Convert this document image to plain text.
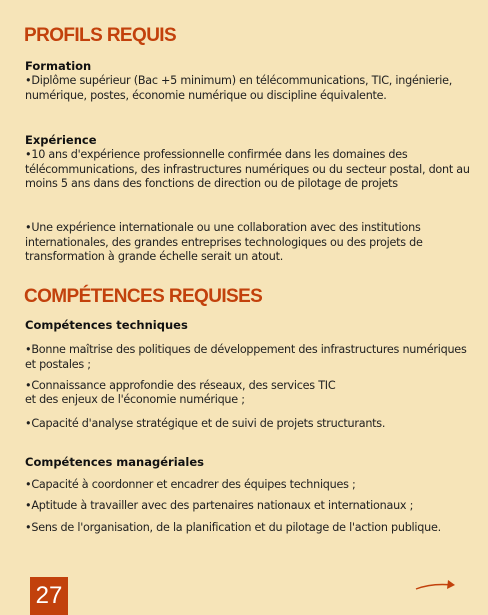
PROFILS REQUIS

Formation

•Diplôme supérieur (Bac +5 minimum) en télécommunications, TIC, ingénierie, numérique, postes, économie numérique ou discipline équivalente.

Expérience

•10 ans d'expérience professionnelle confirmée dans les domaines des télécommunications, des infrastructures numériques ou du secteur postal, dont au moins 5 ans dans des fonctions de direction ou de pilotage de projets

•Une expérience internationale ou une collaboration avec des institutions internationales, des grandes entreprises technologiques ou des projets de transformation à grande échelle serait un atout.

COMPÉTENCES REQUISES

Compétences techniques

•Bonne maîtrise des politiques de développement des infrastructures numériques et postales ;

•Connaissance approfondie des réseaux, des services TIC

et des enjeux de l'économie numérique ;

•Capacité d'analyse stratégique et de suivi de projets structurants.

Compétences managériales

•Capacité à coordonner et encadrer des équipes techniques ;

•Aptitude à travailler avec des partenaires nationaux et internationaux ;

•Sens de l'organisation, de la planification et du pilotage de l'action publique.

27
